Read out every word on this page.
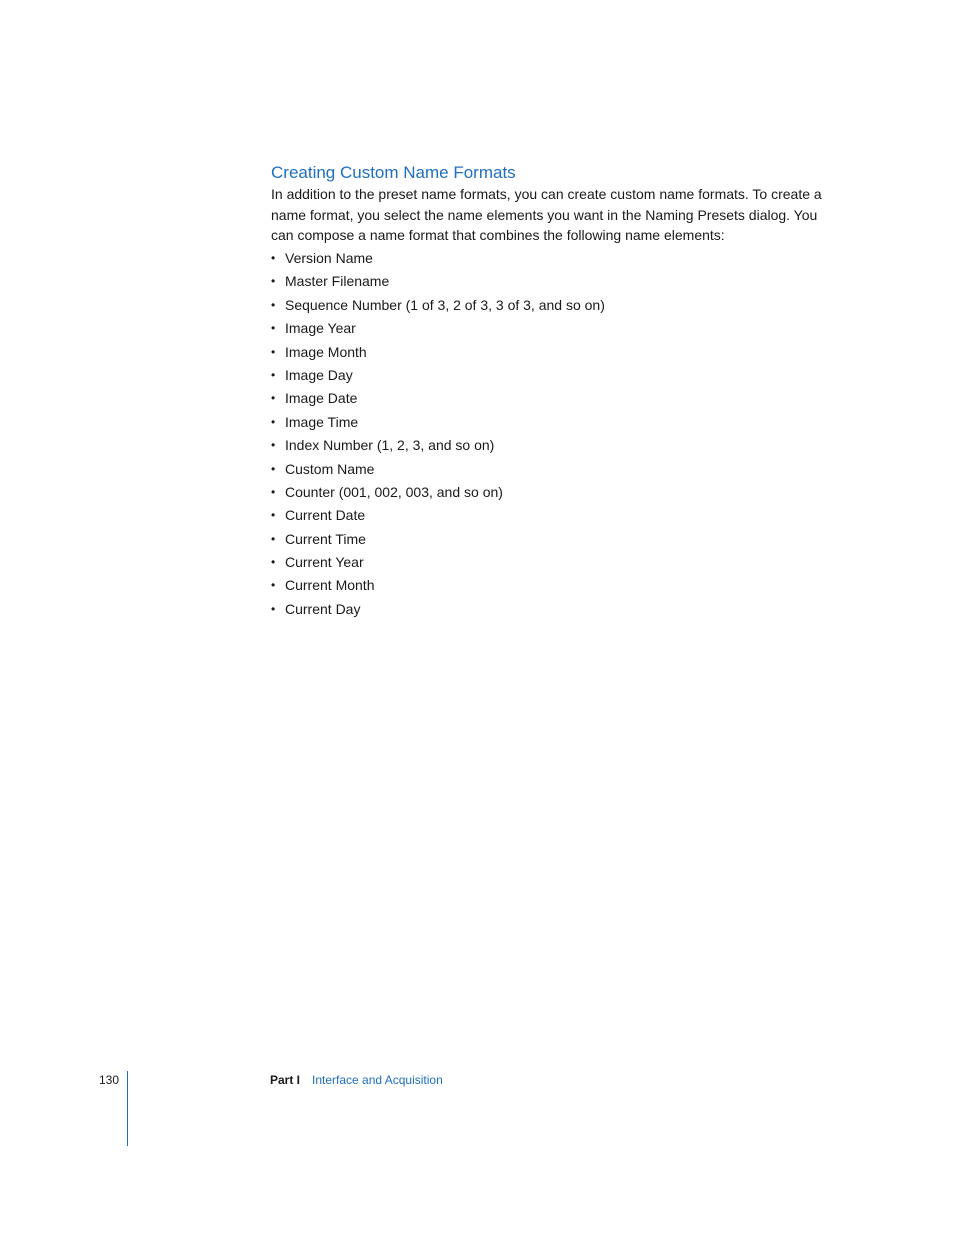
Creating Custom Name Formats

In addition to the preset name formats, you can create custom name formats. To create a name format, you select the name elements you want in the Naming Presets dialog. You can compose a name format that combines the following name elements:

• Version Name
• Master Filename
• Sequence Number (1 of 3, 2 of 3, 3 of 3, and so on)
• Image Year
• Image Month
• Image Day
• Image Date
• Image Time
• Index Number (1, 2, 3, and so on)
• Custom Name
• Counter (001, 002, 003, and so on)
• Current Date
• Current Time
• Current Year
• Current Month
• Current Day
130	Part I Interface and Acquisition
